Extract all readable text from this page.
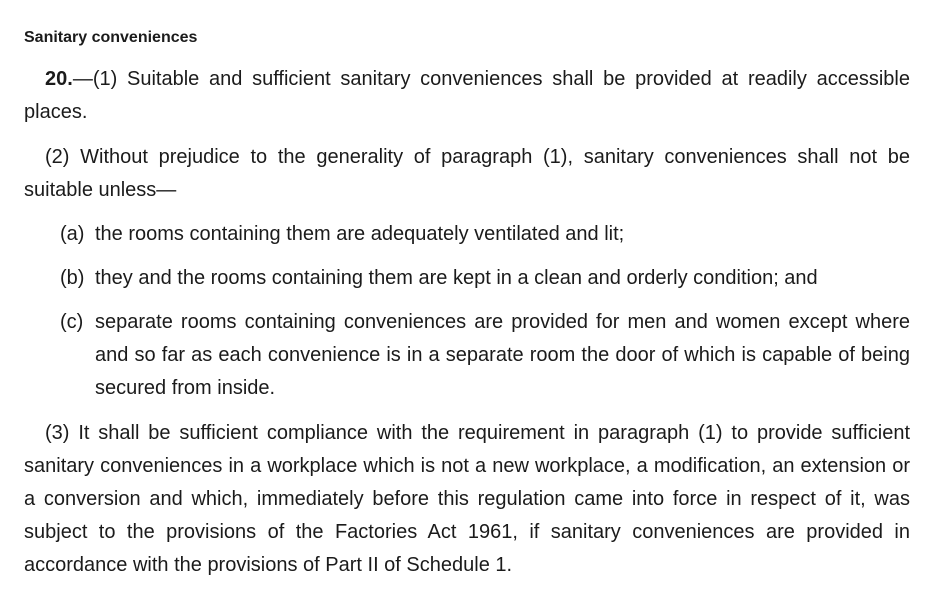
Sanitary conveniences

20.—(1) Suitable and sufficient sanitary conveniences shall be provided at readily accessible places.

(2) Without prejudice to the generality of paragraph (1), sanitary conveniences shall not be suitable unless—

(a) the rooms containing them are adequately ventilated and lit;
(b) they and the rooms containing them are kept in a clean and orderly condition; and
(c) separate rooms containing conveniences are provided for men and women except where and so far as each convenience is in a separate room the door of which is capable of being secured from inside.

(3) It shall be sufficient compliance with the requirement in paragraph (1) to provide sufficient sanitary conveniences in a workplace which is not a new workplace, a modification, an extension or a conversion and which, immediately before this regulation came into force in respect of it, was subject to the provisions of the Factories Act 1961, if sanitary conveniences are provided in accordance with the provisions of Part II of Schedule 1.
